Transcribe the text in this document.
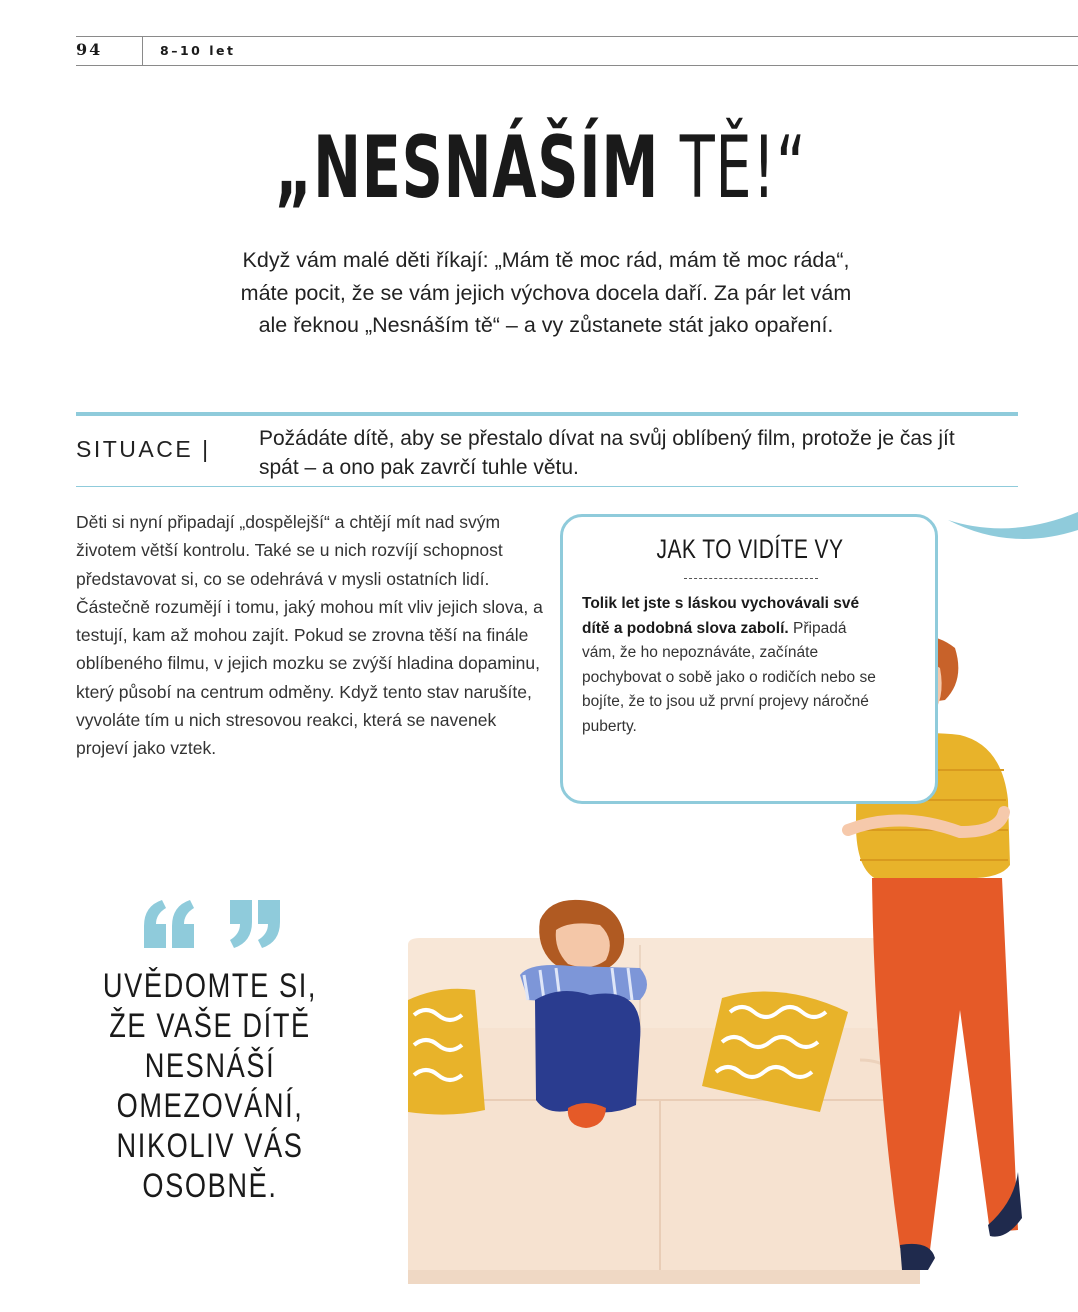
94	8–10 let
„NESNÁŠÍM TĚ!“
Když vám malé děti říkají: „Mám tě moc rád, mám tě moc ráda“, máte pocit, že se vám jejich výchova docela daří. Za pár let vám ale řeknou „Nesnáším tě“ – a vy zůstanete stát jako opaření.
SITUACE | Požádáte dítě, aby se přestalo dívat na svůj oblíbený film, protože je čas jít spát – a ono pak zavrčí tuhle větu.
Děti si nyní připadají „dospělejší“ a chtějí mít nad svým životem větší kontrolu. Také se u nich rozvíjí schopnost představovat si, co se odehrává v mysli ostatních lidí. Částečně rozumějí i tomu, jaký mohou mít vliv jejich slova, a testují, kam až mohou zajít. Pokud se zrovna těší na finále oblíbeného filmu, v jejich mozku se zvýší hladina dopaminu, který působí na centrum odměny. Když tento stav narušíte, vyvoláte tím u nich stresovou reakci, která se navenek projeví jako vztek.
JAK TO VIDÍTE VY
Tolik let jste s láskou vychovávali své dítě a podobná slova zabolí. Připadá vám, že ho nepoznáváte, začínáte pochybovat o sobě jako o rodičích nebo se bojíte, že to jsou už první projevy náročné puberty.
UVĚDOMTE SI, ŽE VAŠE DÍTĚ NESNÁŠÍ OMEZOVÁNÍ, NIKOLIV VÁS OSOBNĚ.
